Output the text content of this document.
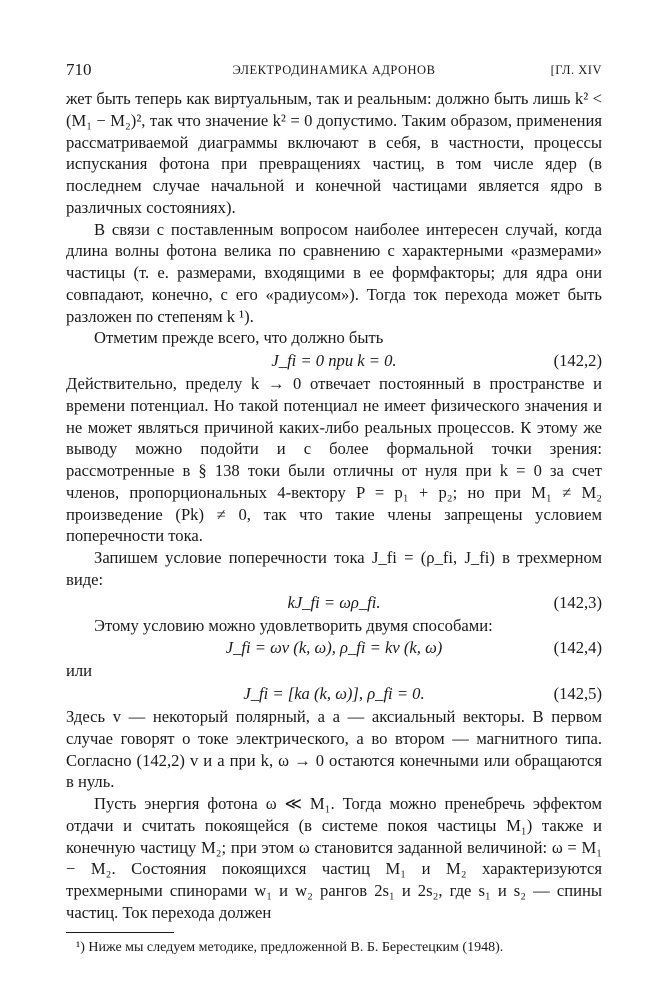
710	ЭЛЕКТРОДИНАМИКА АДРОНОВ	[ГЛ. XIV

жет быть теперь как виртуальным, так и реальным: должно быть лишь k² < (M₁ − M₂)², так что значение k² = 0 допустимо. Таким образом, применения рассматриваемой диаграммы включают в себя, в частности, процессы испускания фотона при превращениях частиц, в том числе ядер (в последнем случае начальной и конечной частицами является ядро в различных состояниях).

В связи с поставленным вопросом наиболее интересен случай, когда длина волны фотона велика по сравнению с характерными «размерами» частицы (т. е. размерами, входящими в ее формфакторы; для ядра они совпадают, конечно, с его «радиусом»). Тогда ток перехода может быть разложен по степеням k ¹).

Отметим прежде всего, что должно быть

J_fi = 0 при k = 0.	(142,2)

Действительно, пределу k → 0 отвечает постоянный в пространстве и времени потенциал. Но такой потенциал не имеет физического значения и не может являться причиной каких-либо реальных процессов. К этому же выводу можно подойти и с более формальной точки зрения: рассмотренные в § 138 токи были отличны от нуля при k = 0 за счет членов, пропорциональных 4-вектору P = p₁ + p₂; но при M₁ ≠ M₂ произведение (Pk) ≠ 0, так что такие члены запрещены условием поперечности тока.

Запишем условие поперечности тока J_fi = (ρ_fi, J_fi) в трехмерном виде:

kJ_fi = ωρ_fi.	(142,3)

Этому условию можно удовлетворить двумя способами:

J_fi = ωv (k, ω), ρ_fi = kv (k, ω)	(142,4)

или

J_fi = [ka (k, ω)], ρ_fi = 0.	(142,5)

Здесь v — некоторый полярный, а a — аксиальный векторы. В первом случае говорят о токе электрического, а во втором — магнитного типа. Согласно (142,2) v и a при k, ω → 0 остаются конечными или обращаются в нуль.

Пусть энергия фотона ω ≪ M₁. Тогда можно пренебречь эффектом отдачи и считать покоящейся (в системе покоя частицы M₁) также и конечную частицу M₂; при этом ω становится заданной величиной: ω = M₁ − M₂. Состояния покоящихся частиц M₁ и M₂ характеризуются трехмерными спинорами w₁ и w₂ рангов 2s₁ и 2s₂, где s₁ и s₂ — спины частиц. Ток перехода должен

¹) Ниже мы следуем методике, предложенной В. Б. Берестецким (1948).
